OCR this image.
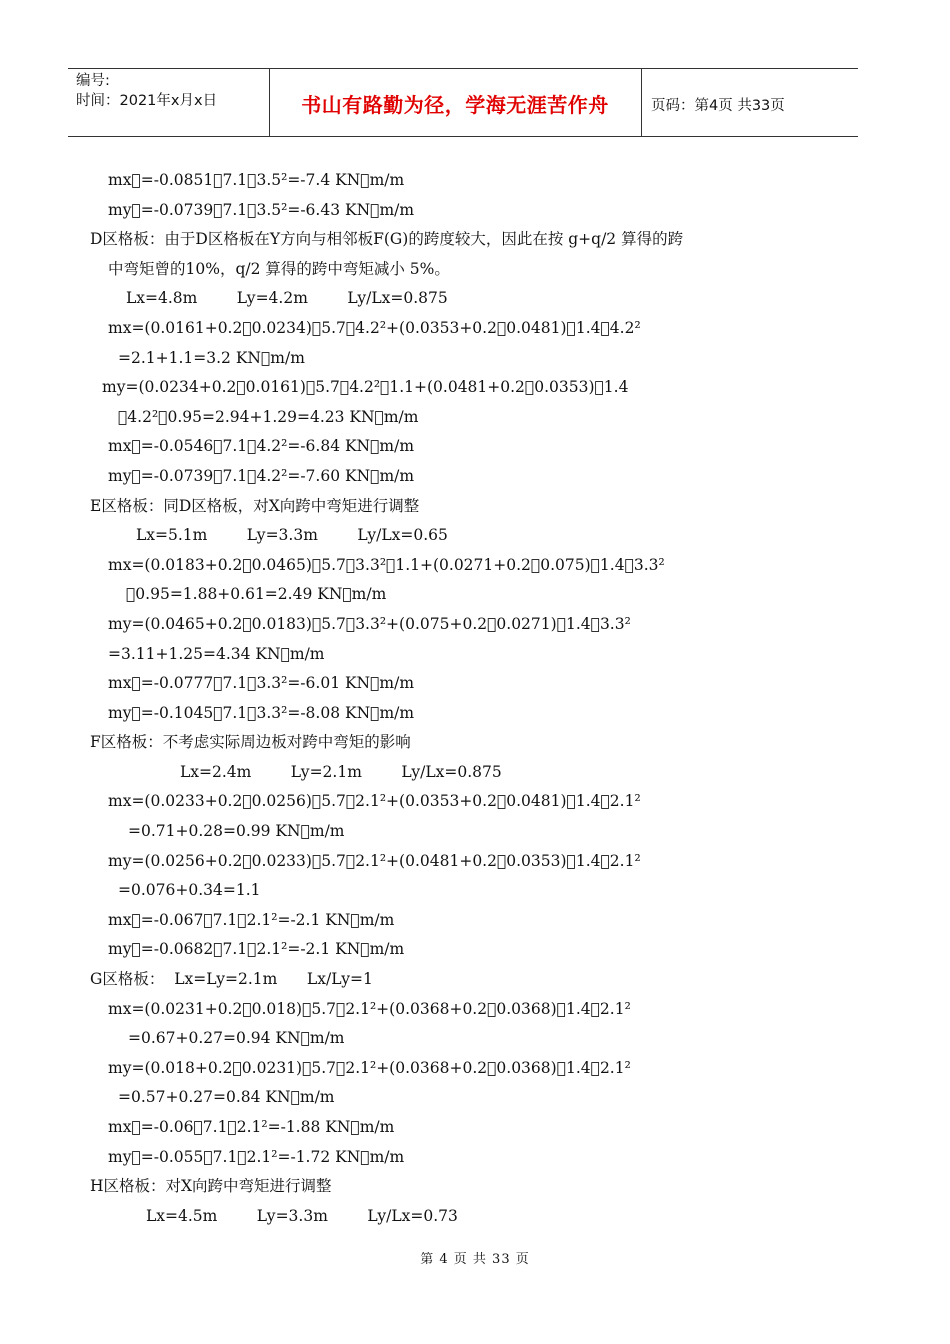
编号:
时间：2021年x月x日	书山有路勤为径，学海无涯苦作舟	页码：第4页 共33页
mx =-0.0851 7.1 3.5²=-7.4 KN m/m
my =-0.0739 7.1 3.5²=-6.43 KN m/m
D区格板：由于D区格板在Y方向与相邻板F(G)的跨度较大，因此在按 g+q/2 算得的跨
中弯矩曾的10%，q/2 算得的跨中弯矩减小 5%。
Lx=4.8m        Ly=4.2m        Ly/Lx=0.875
mx=(0.0161+0.2 0.0234) 5.7 4.2²+(0.0353+0.2 0.0481) 1.4 4.2²
=2.1+1.1=3.2 KN m/m
my=(0.0234+0.2 0.0161) 5.7 4.2² 1.1+(0.0481+0.2 0.0353) 1.4
 4.2² 0.95=2.94+1.29=4.23 KN m/m
mx =-0.0546 7.1 4.2²=-6.84 KN m/m
my =-0.0739 7.1 4.2²=-7.60 KN m/m
E区格板：同D区格板，对X向跨中弯矩进行调整
Lx=5.1m        Ly=3.3m        Ly/Lx=0.65
mx=(0.0183+0.2 0.0465) 5.7 3.3² 1.1+(0.0271+0.2 0.075) 1.4 3.3²
 0.95=1.88+0.61=2.49 KN m/m
my=(0.0465+0.2 0.0183) 5.7 3.3²+(0.075+0.2 0.0271) 1.4 3.3²
=3.11+1.25=4.34 KN m/m
mx =-0.0777 7.1 3.3²=-6.01 KN m/m
my =-0.1045 7.1 3.3²=-8.08 KN m/m
F区格板：不考虑实际周边板对跨中弯矩的影响
Lx=2.4m        Ly=2.1m        Ly/Lx=0.875
mx=(0.0233+0.2 0.0256) 5.7 2.1²+(0.0353+0.2 0.0481) 1.4 2.1²
=0.71+0.28=0.99 KN m/m
my=(0.0256+0.2 0.0233) 5.7 2.1²+(0.0481+0.2 0.0353) 1.4 2.1²
=0.076+0.34=1.1
mx =-0.067 7.1 2.1²=-2.1 KN m/m
my =-0.0682 7.1 2.1²=-2.1 KN m/m
G区格板：  Lx=Ly=2.1m      Lx/Ly=1
mx=(0.0231+0.2 0.018) 5.7 2.1²+(0.0368+0.2 0.0368) 1.4 2.1²
=0.67+0.27=0.94 KN m/m
my=(0.018+0.2 0.0231) 5.7 2.1²+(0.0368+0.2 0.0368) 1.4 2.1²
=0.57+0.27=0.84 KN m/m
mx =-0.06 7.1 2.1²=-1.88 KN m/m
my =-0.055 7.1 2.1²=-1.72 KN m/m
H区格板：对X向跨中弯矩进行调整
Lx=4.5m        Ly=3.3m        Ly/Lx=0.73
第 4 页 共 33 页
